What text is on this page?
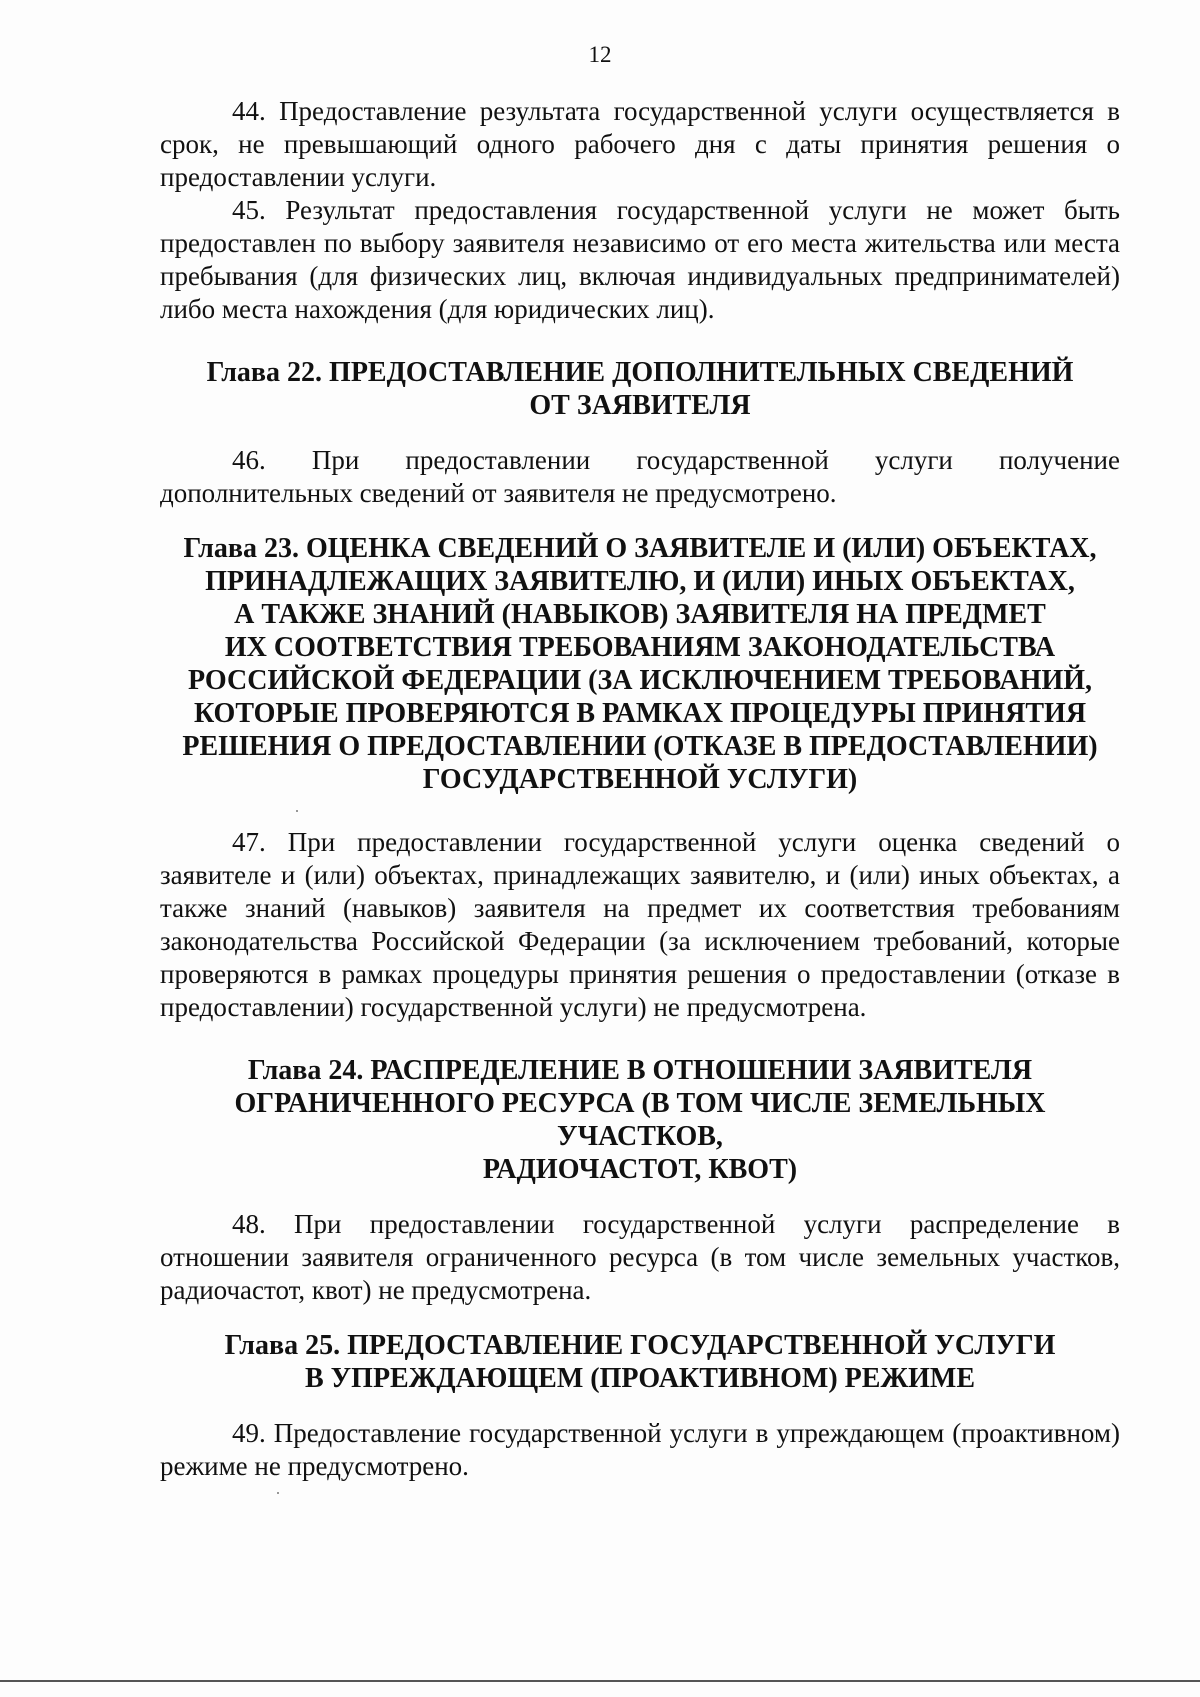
12

44. Предоставление результата государственной услуги осуществляется в срок, не превышающий одного рабочего дня с даты принятия решения о предоставлении услуги.

45. Результат предоставления государственной услуги не может быть предоставлен по выбору заявителя независимо от его места жительства или места пребывания (для физических лиц, включая индивидуальных предпринимателей) либо места нахождения (для юридических лиц).

Глава 22. ПРЕДОСТАВЛЕНИЕ ДОПОЛНИТЕЛЬНЫХ СВЕДЕНИЙ
ОТ ЗАЯВИТЕЛЯ

46. При предоставлении государственной услуги получение дополнительных сведений от заявителя не предусмотрено.

Глава 23. ОЦЕНКА СВЕДЕНИЙ О ЗАЯВИТЕЛЕ И (ИЛИ) ОБЪЕКТАХ,
ПРИНАДЛЕЖАЩИХ ЗАЯВИТЕЛЮ, И (ИЛИ) ИНЫХ ОБЪЕКТАХ,
А ТАКЖЕ ЗНАНИЙ (НАВЫКОВ) ЗАЯВИТЕЛЯ НА ПРЕДМЕТ
ИХ СООТВЕТСТВИЯ ТРЕБОВАНИЯМ ЗАКОНОДАТЕЛЬСТВА
РОССИЙСКОЙ ФЕДЕРАЦИИ (ЗА ИСКЛЮЧЕНИЕМ ТРЕБОВАНИЙ,
КОТОРЫЕ ПРОВЕРЯЮТСЯ В РАМКАХ ПРОЦЕДУРЫ ПРИНЯТИЯ
РЕШЕНИЯ О ПРЕДОСТАВЛЕНИИ (ОТКАЗЕ В ПРЕДОСТАВЛЕНИИ)
ГОСУДАРСТВЕННОЙ УСЛУГИ)

47. При предоставлении государственной услуги оценка сведений о заявителе и (или) объектах, принадлежащих заявителю, и (или) иных объектах, а также знаний (навыков) заявителя на предмет их соответствия требованиям законодательства Российской Федерации (за исключением требований, которые проверяются в рамках процедуры принятия решения о предоставлении (отказе в предоставлении) государственной услуги) не предусмотрена.

Глава 24. РАСПРЕДЕЛЕНИЕ В ОТНОШЕНИИ ЗАЯВИТЕЛЯ
ОГРАНИЧЕННОГО РЕСУРСА (В ТОМ ЧИСЛЕ ЗЕМЕЛЬНЫХ УЧАСТКОВ,
РАДИОЧАСТОТ, КВОТ)

48. При предоставлении государственной услуги распределение в отношении заявителя ограниченного ресурса (в том числе земельных участков, радиочастот, квот) не предусмотрена.

Глава 25. ПРЕДОСТАВЛЕНИЕ ГОСУДАРСТВЕННОЙ УСЛУГИ
В УПРЕЖДАЮЩЕМ (ПРОАКТИВНОМ) РЕЖИМЕ

49. Предоставление государственной услуги в упреждающем (проактивном) режиме не предусмотрено.
